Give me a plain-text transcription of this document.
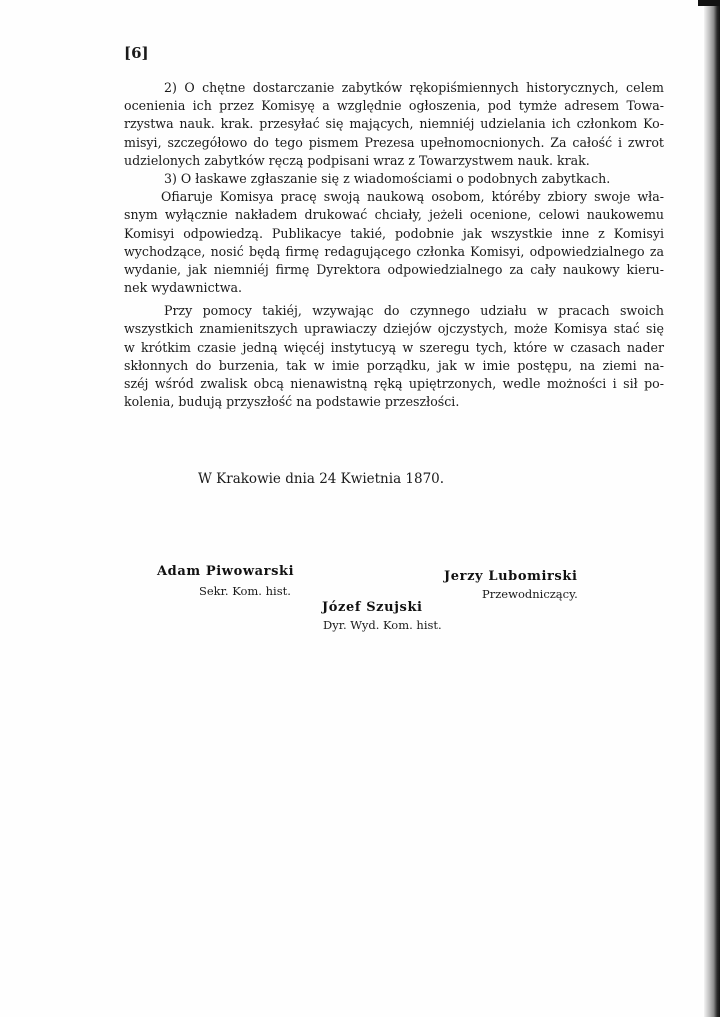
[6]
2) O chętne dostarczanie zabytków rękopiśmiennych historycznych, celem
ocenienia ich przez Komisyę a względnie ogłoszenia, pod tymże adresem Towa-
rzystwa nauk. krak. przesyłać się mających, niemniéj udzielania ich członkom Ko-
misyi, szczegółowo do tego pismem Prezesa upełnomocnionych. Za całość i zwrot
udzielonych zabytków ręczą podpisani wraz z Towarzystwem nauk. krak.
3) O łaskawe zgłaszanie się z wiadomościami o podobnych zabytkach.
Ofiaruje Komisya pracę swoją naukową osobom, któréby zbiory swoje wła-
snym wyłącznie nakładem drukować chciały, jeżeli ocenione, celowi naukowemu
Komisyi odpowiedzą. Publikacye takié, podobnie jak wszystkie inne z Komisyi
wychodzące, nosić będą firmę redagującego członka Komisyi, odpowiedzialnego za
wydanie, jak niemniéj firmę Dyrektora odpowiedzialnego za cały naukowy kieru-
nek wydawnictwa.
Przy pomocy takiéj, wzywając do czynnego udziału w pracach swoich
wszystkich znamienitszych uprawiaczy dziejów ojczystych, może Komisya stać się
w krótkim czasie jedną więcéj instytucyą w szeregu tych, które w czasach nader
skłonnych do burzenia, tak w imie porządku, jak w imie postępu, na ziemi na-
széj wśród zwalisk obcą nienawistną ręką upiętrzonych, wedle możności i sił po-
kolenia, budują przyszłość na podstawie przeszłości.
W Krakowie dnia 24 Kwietnia 1870.
Adam Piwowarski
Sekr. Kom. hist.
Jerzy Lubomirski
Przewodniczący.
Józef Szujski
Dyr. Wyd. Kom. hist.
